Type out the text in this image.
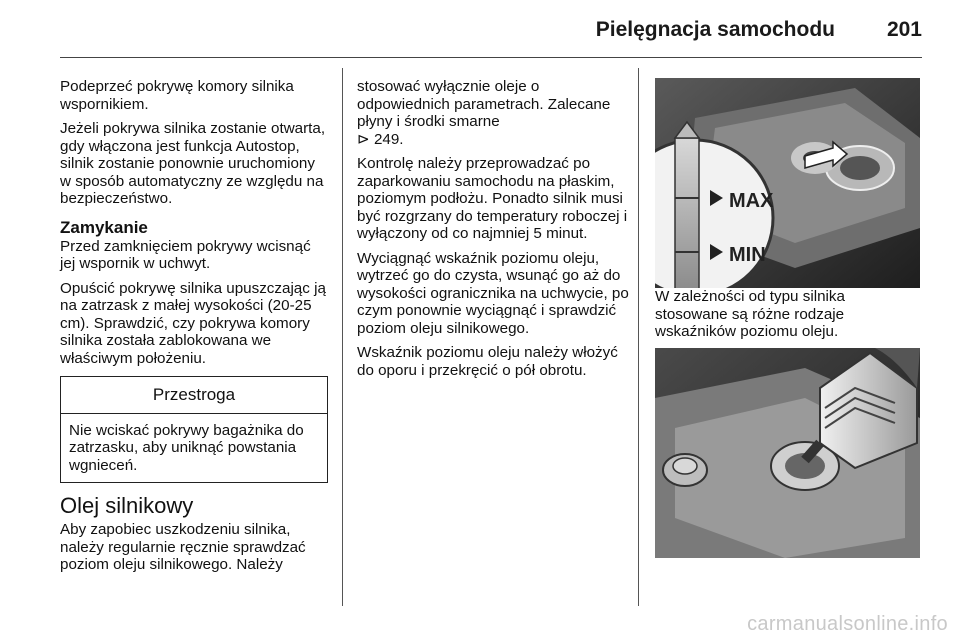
Pielęgnacja samochodu 201

Podeprzeć pokrywę komory silnika wspornikiem.

Jeżeli pokrywa silnika zostanie otwarta, gdy włączona jest funkcja Autostop, silnik zostanie ponownie uruchomiony w sposób automatyczny ze względu na bezpieczeństwo.

Zamykanie

Przed zamknięciem pokrywy wcisnąć jej wspornik w uchwyt.

Opuścić pokrywę silnika upuszczając ją na zatrzask z małej wysokości (20-25 cm). Sprawdzić, czy pokrywa komory silnika została zablokowana we właściwym położeniu.

Przestroga
Nie wciskać pokrywy bagażnika do zatrzasku, aby uniknąć powstania wgnieceń.
Olej silnikowy

Aby zapobiec uszkodzeniu silnika, należy regularnie ręcznie sprawdzać poziom oleju silnikowego. Należy

stosować wyłącznie oleje o odpowiednich parametrach. Zalecane płyny i środki smarne
⊳ 249.

Kontrolę należy przeprowadzać po zaparkowaniu samochodu na płaskim, poziomym podłożu. Ponadto silnik musi być rozgrzany do temperatury roboczej i wyłączony od co najmniej 5 minut.

Wyciągnąć wskaźnik poziomu oleju, wytrzeć go do czysta, wsunąć go aż do wysokości ogranicznika na uchwycie, po czym ponownie wyciągnąć i sprawdzić poziom oleju silnikowego.

Wskaźnik poziomu oleju należy włożyć do oporu i przekręcić o pół obrotu.

MAX
MIN

W zależności od typu silnika stosowane są różne rodzaje wskaźników poziomu oleju.

carmanualsonline.info
